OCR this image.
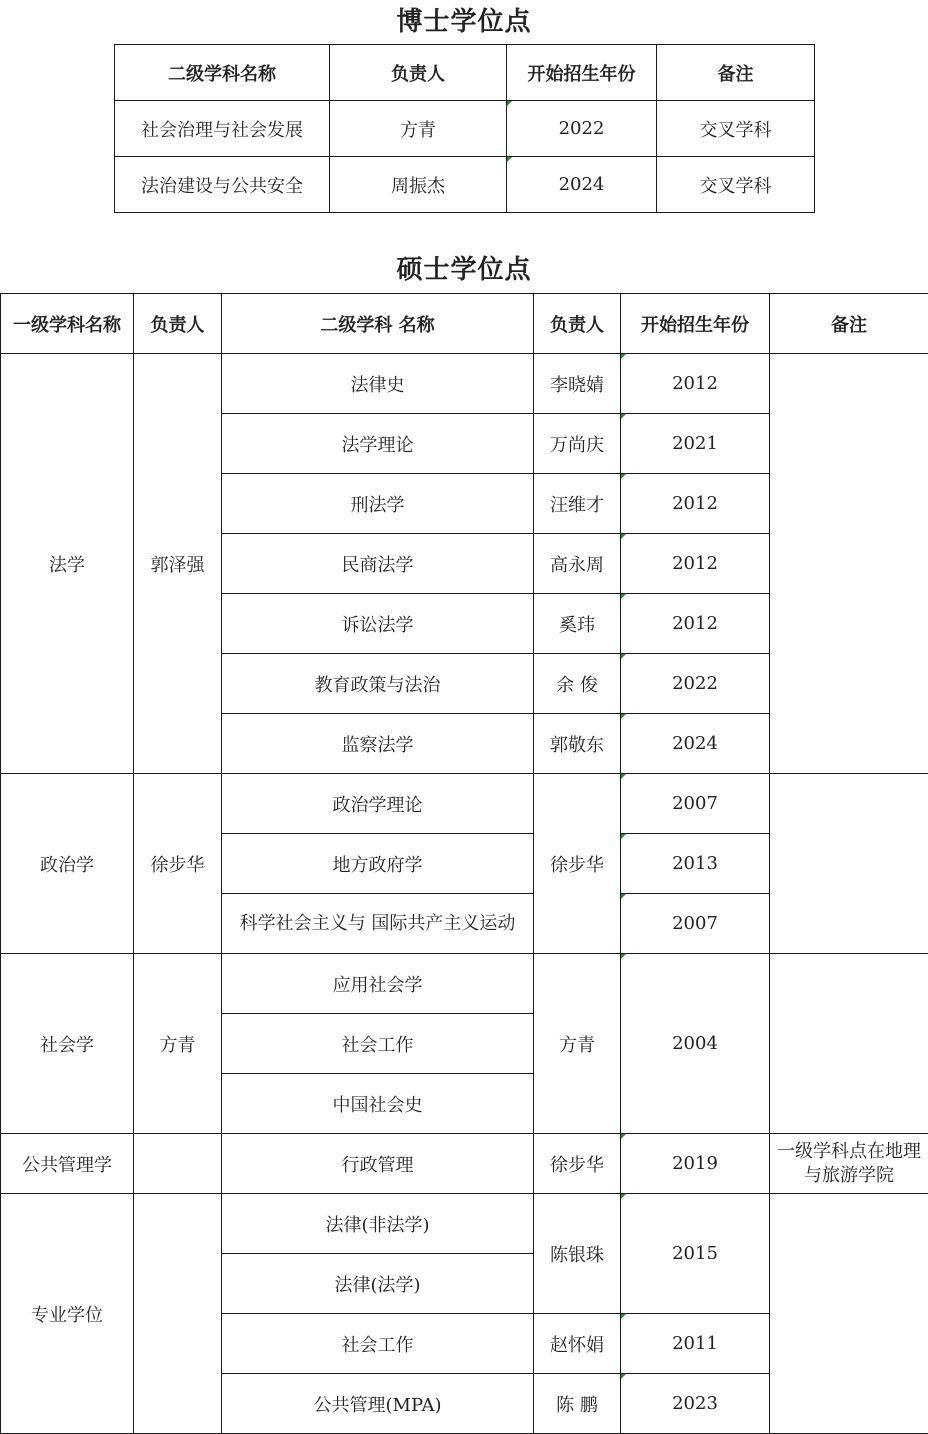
博士学位点
二级学科名称	负责人	开始招生年份	备注
社会治理与社会发展	方青	2022	交叉学科
法治建设与公共安全	周振杰	2024	交叉学科
硕士学位点
一级学科名称	负责人	二级学科 名称	负责人	开始招生年份	备注
法学	郭泽强	法律史	李晓婧	2012	
		法学理论	万尚庆	2021	
		刑法学	汪维才	2012	
		民商法学	高永周	2012	
		诉讼法学	奚玮	2012	
		教育政策与法治	余 俊	2022	
		监察法学	郭敬东	2024	
政治学	徐步华	政治学理论	徐步华	2007	
		地方政府学		2013	
		科学社会主义与 国际共产主义运动		2007	
社会学	方青	应用社会学	方青	2004	
		社会工作			
		中国社会史			
公共管理学		行政管理	徐步华	2019	一级学科点在地理与旅游学院
专业学位		法律(非法学)	陈银珠	2015	
		法律(法学)			
		社会工作	赵怀娟	2011	
		公共管理(MPA)	陈 鹏	2023	
